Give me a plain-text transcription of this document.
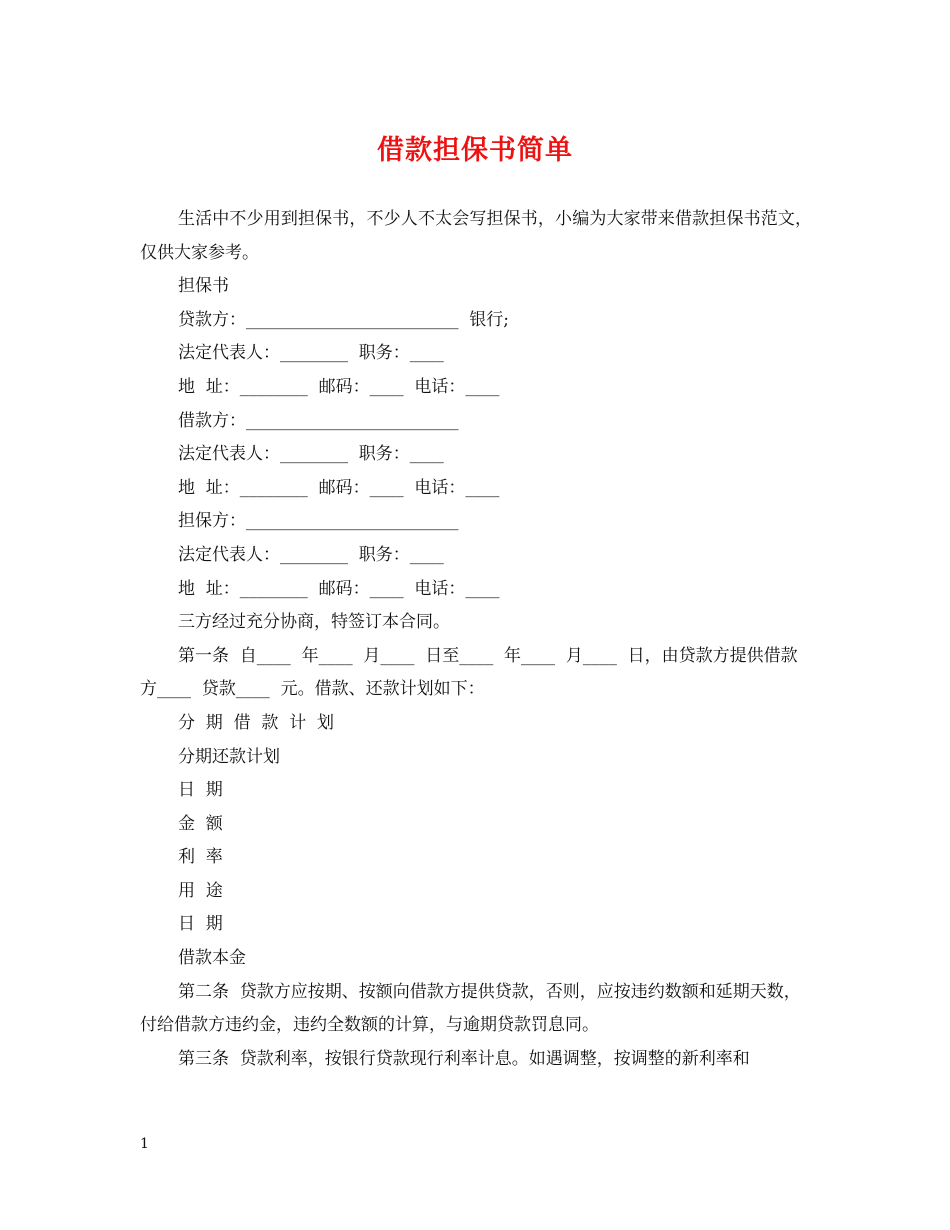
借款担保书简单

生活中不少用到担保书，不少人不太会写担保书，小编为大家带来借款担保书范文，仅供大家参考。

担保书

贷款方：_________________________  银行;

法定代表人：________  职务：____

地  址：________  邮码：____  电话：____

借款方：_________________________

法定代表人：________  职务：____

地  址：________  邮码：____  电话：____

担保方：_________________________

法定代表人：________  职务：____

地  址：________  邮码：____  电话：____

三方经过充分协商，特签订本合同。

第一条  自____  年____  月____  日至____  年____  月____  日，由贷款方提供借款方____  贷款____  元。借款、还款计划如下：

分  期  借  款  计  划

分期还款计划

日  期

金  额

利  率

用  途

日  期

借款本金

第二条  贷款方应按期、按额向借款方提供贷款，否则，应按违约数额和延期天数，付给借款方违约金，违约全数额的计算，与逾期贷款罚息同。

第三条  贷款利率，按银行贷款现行利率计息。如遇调整，按调整的新利率和

1
